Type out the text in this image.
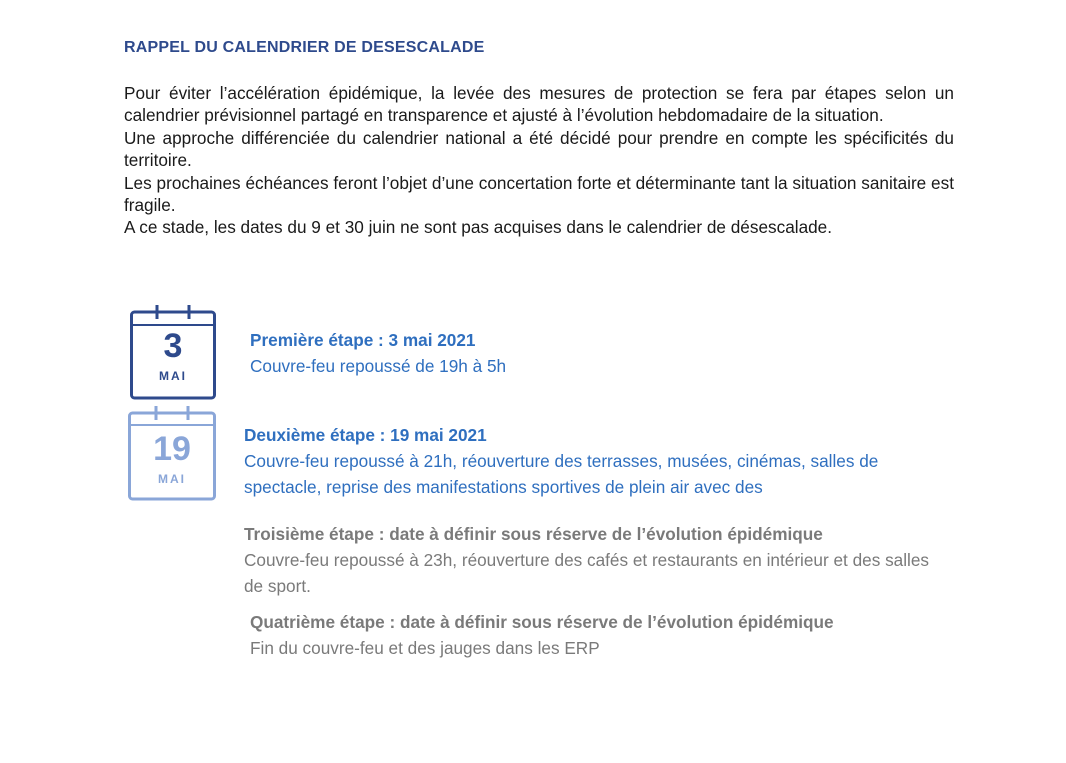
RAPPEL DU CALENDRIER DE DESESCALADE

Pour éviter l’accélération épidémique, la levée des mesures de protection se fera par étapes selon un calendrier prévisionnel partagé en transparence et ajusté à l’évolution hebdomadaire de la situation.

Une approche différenciée du calendrier national a été décidé pour prendre en compte les spécificités du territoire.

Les prochaines échéances feront l’objet d’une concertation forte et déterminante tant la situation sanitaire est fragile.

A ce stade, les dates du 9 et 30 juin ne sont pas acquises dans le calendrier de désescalade.

3
MAI
19
MAI
Première étape : 3 mai 2021
Couvre-feu repoussé de 19h à 5h
Deuxième étape : 19 mai 2021
Couvre-feu repoussé à 21h, réouverture des terrasses, musées, cinémas, salles de spectacle, reprise des manifestations sportives de plein air avec des
Troisième étape : date à définir sous réserve de l’évolution épidémique
Couvre-feu repoussé à 23h, réouverture des cafés et restaurants en intérieur et des salles de sport.
Quatrième étape : date à définir sous réserve de l’évolution épidémique
Fin du couvre-feu et des jauges dans les ERP
